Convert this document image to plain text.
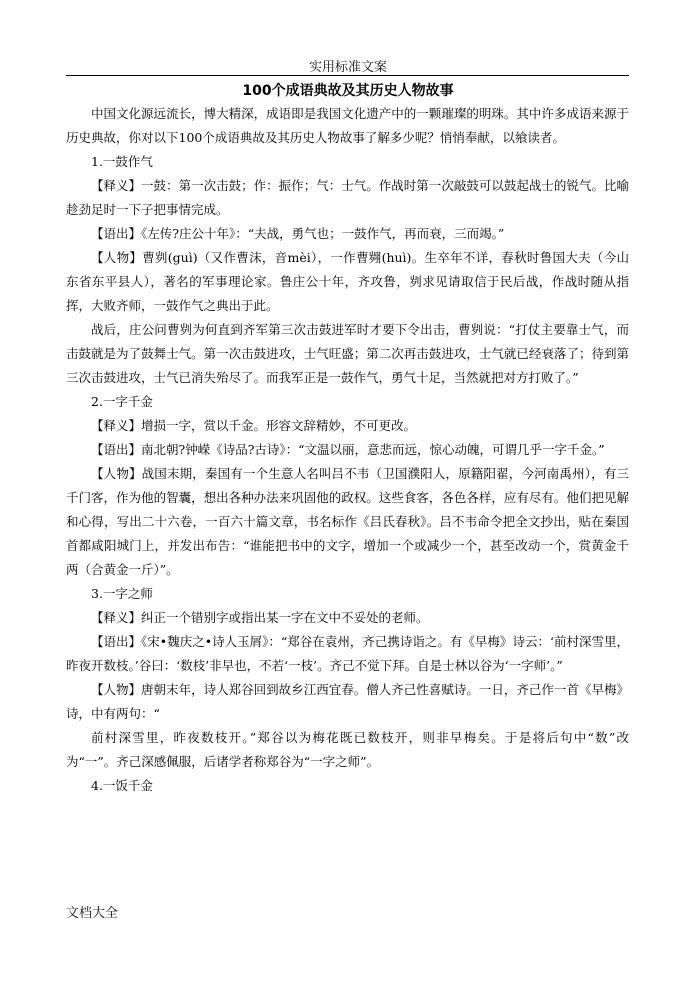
实用标准文案
100个成语典故及其历史人物故事

中国文化源远流长，博大精深，成语即是我国文化遗产中的一颗璀璨的明珠。其中许多成语来源于历史典故，你对以下100个成语典故及其历史人物故事了解多少呢？悄悄奉献，以飨读者。

1.一鼓作气

【释义】一鼓：第一次击鼓；作：振作；气：士气。作战时第一次敲鼓可以鼓起战士的锐气。比喻趁劲足时一下子把事情完成。

【语出】《左传?庄公十年》：“夫战，勇气也；一鼓作气，再而衰，三而竭。”

【人物】曹刿(guì)（又作曹沫，音mèi），一作曹翙(huì)。生卒年不详，春秋时鲁国大夫（今山东省东平县人），著名的军事理论家。鲁庄公十年，齐攻鲁，刿求见请取信于民后战，作战时随从指挥，大败齐师，一鼓作气之典出于此。

战后，庄公问曹刿为何直到齐军第三次击鼓进军时才要下令出击，曹刿说：“打仗主要靠士气，而击鼓就是为了鼓舞士气。第一次击鼓进攻，士气旺盛；第二次再击鼓进攻，士气就已经衰落了；待到第三次击鼓进攻，士气已消失殆尽了。而我军正是一鼓作气，勇气十足，当然就把对方打败了。”

2.一字千金

【释义】增损一字，赏以千金。形容文辞精妙，不可更改。

【语出】南北朝?钟嵘《诗品?古诗》：“文温以丽，意悲而远，惊心动魄，可谓几乎一字千金。”

【人物】战国末期，秦国有一个生意人名叫吕不韦（卫国濮阳人，原籍阳翟，今河南禹州），有三千门客，作为他的智囊，想出各种办法来巩固他的政权。这些食客，各色各样，应有尽有。他们把见解和心得，写出二十六卷，一百六十篇文章，书名标作《吕氏春秋》。吕不韦命令把全文抄出，贴在秦国首都咸阳城门上，并发出布告：“谁能把书中的文字，增加一个或减少一个，甚至改动一个，赏黄金千两（合黄金一斤）”。

3.一字之师

【释义】纠正一个错别字或指出某一字在文中不妥处的老师。

【语出】《宋•魏庆之•诗人玉屑》：“郑谷在袁州，齐己携诗诣之。有《早梅》诗云：‘前村深雪里，昨夜开数枝。’谷曰：‘数枝’非早也，不若‘一枝’。齐己不觉下拜。自是士林以谷为‘一字师’。”

【人物】唐朝末年，诗人郑谷回到故乡江西宜春。僧人齐己性喜赋诗。一日，齐己作一首《早梅》诗，中有两句：“

前村深雪里，昨夜数枝开。”郑谷以为梅花既已数枝开，则非早梅矣。于是将后句中“数”改为“一”。齐己深感佩服，后诸学者称郑谷为“一字之师”。

4.一饭千金

文档大全
